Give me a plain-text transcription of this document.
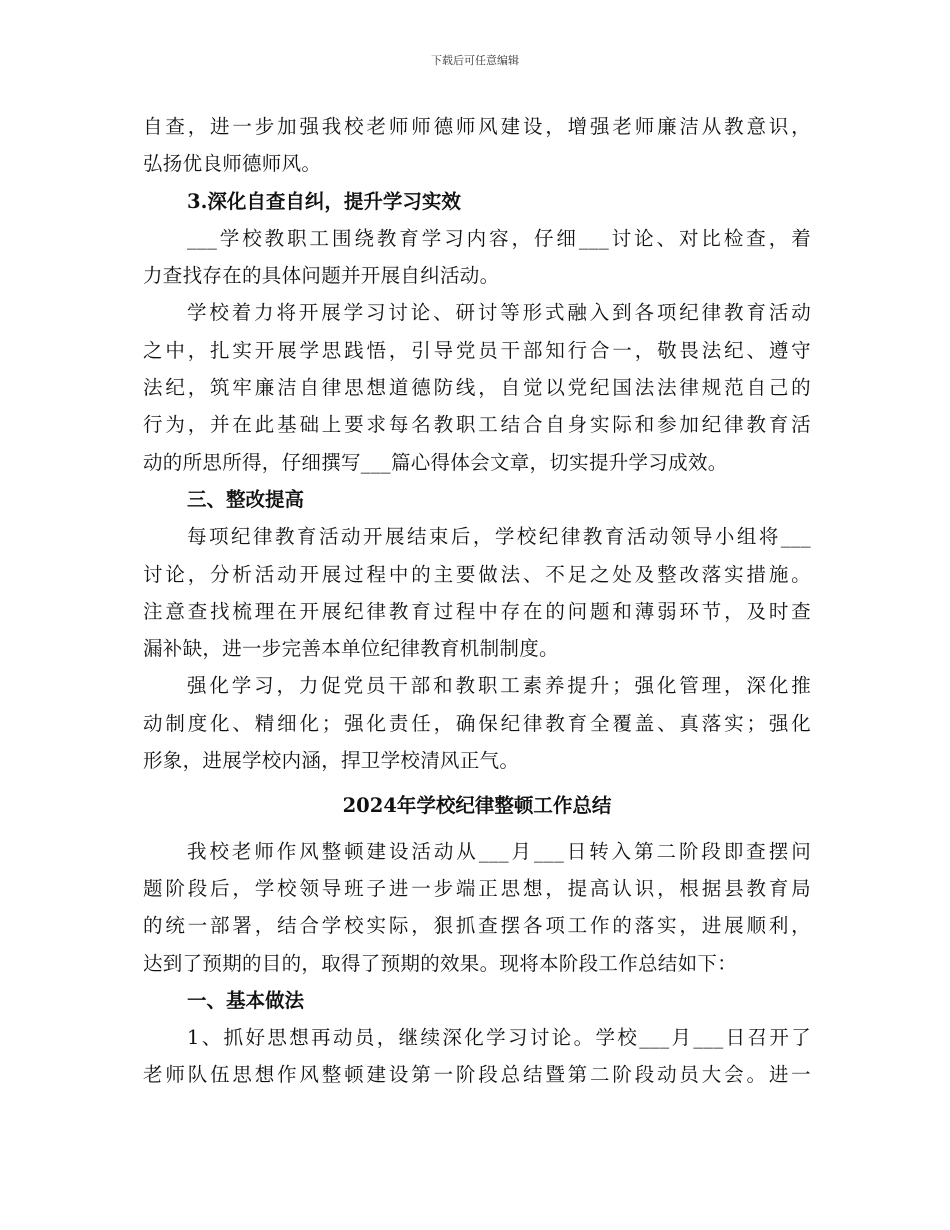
下载后可任意编辑
自查，进一步加强我校老师师德师风建设，增强老师廉洁从教意识，
弘扬优良师德师风。
3.深化自查自纠，提升学习实效
___学校教职工围绕教育学习内容，仔细___讨论、对比检查，着
力查找存在的具体问题并开展自纠活动。
学校着力将开展学习讨论、研讨等形式融入到各项纪律教育活动
之中，扎实开展学思践悟，引导党员干部知行合一，敬畏法纪、遵守
法纪，筑牢廉洁自律思想道德防线，自觉以党纪国法法律规范自己的
行为，并在此基础上要求每名教职工结合自身实际和参加纪律教育活
动的所思所得，仔细撰写___篇心得体会文章，切实提升学习成效。
三、整改提高
每项纪律教育活动开展结束后，学校纪律教育活动领导小组将___
讨论，分析活动开展过程中的主要做法、不足之处及整改落实措施。
注意查找梳理在开展纪律教育过程中存在的问题和薄弱环节，及时查
漏补缺，进一步完善本单位纪律教育机制制度。
强化学习，力促党员干部和教职工素养提升；强化管理，深化推
动制度化、精细化；强化责任，确保纪律教育全覆盖、真落实；强化
形象，进展学校内涵，捍卫学校清风正气。
2024年学校纪律整顿工作总结
我校老师作风整顿建设活动从___月___日转入第二阶段即查摆问
题阶段后，学校领导班子进一步端正思想，提高认识，根据县教育局
的统一部署，结合学校实际，狠抓查摆各项工作的落实，进展顺利，
达到了预期的目的，取得了预期的效果。现将本阶段工作总结如下：
一、基本做法
1、抓好思想再动员，继续深化学习讨论。学校___月___日召开了
老师队伍思想作风整顿建设第一阶段总结暨第二阶段动员大会。进一
